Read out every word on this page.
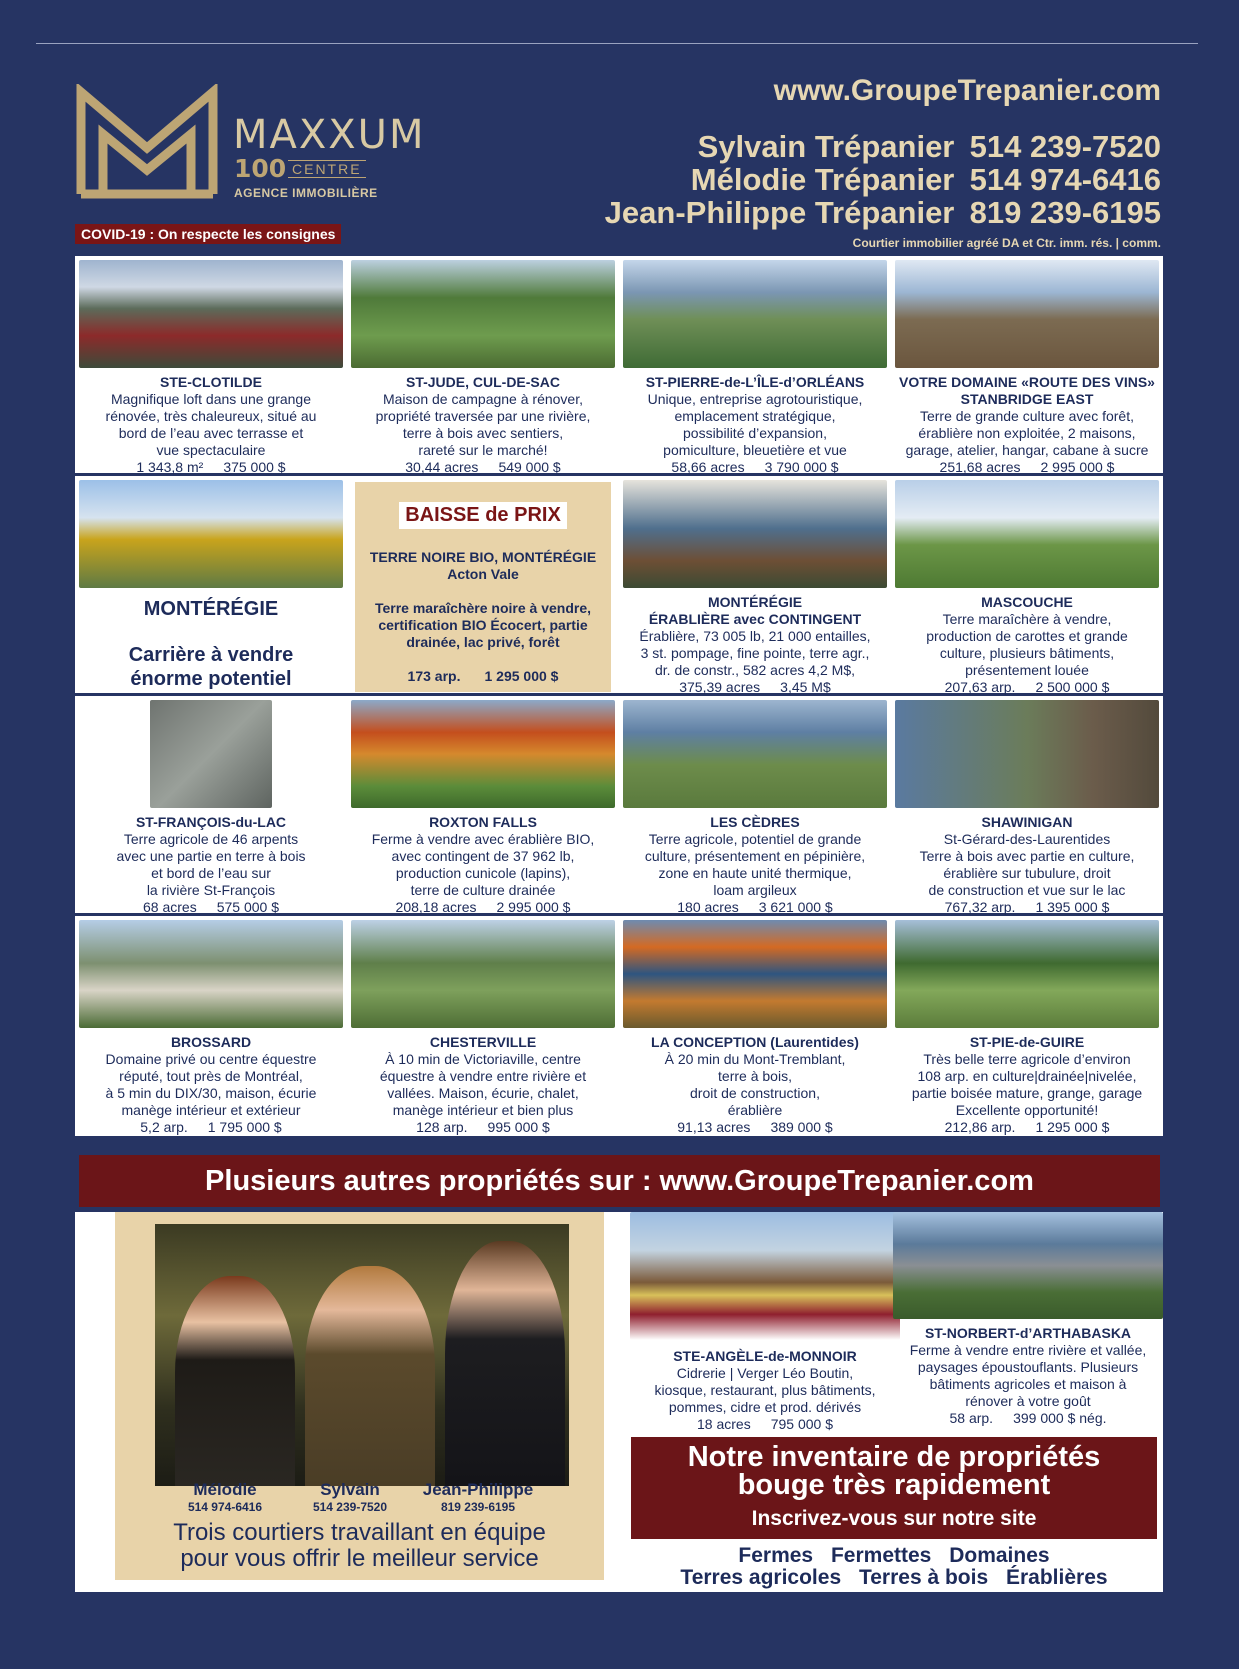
MAXXUM
100 CENTRE
AGENCE IMMOBILIÈRE
www.GroupeTrepanier.com
Sylvain Trépanier 514 239-7520
Mélodie Trépanier 514 974-6416
Jean-Philippe Trépanier 819 239-6195
COVID-19 : On respecte les consignes
Courtier immobilier agréé DA et Ctr. imm. rés. | comm.
STE-CLOTILDE
Magnifique loft dans une grange
rénovée, très chaleureux, situé au
bord de l’eau avec terrasse et
vue spectaculaire
1 343,8 m² 375 000 $
ST-JUDE, CUL-DE-SAC
Maison de campagne à rénover,
propriété traversée par une rivière,
terre à bois avec sentiers,
rareté sur le marché!
30,44 acres 549 000 $
ST-PIERRE-de-L’ÎLE-d’ORLÉANS
Unique, entreprise agrotouristique,
emplacement stratégique,
possibilité d’expansion,
pomiculture, bleuetière et vue
58,66 acres 3 790 000 $
VOTRE DOMAINE «ROUTE DES VINS»
STANBRIDGE EAST
Terre de grande culture avec forêt,
érablière non exploitée, 2 maisons,
garage, atelier, hangar, cabane à sucre
251,68 acres 2 995 000 $
MONTÉRÉGIE
Carrière à vendre
énorme potentiel
BAISSE de PRIX
TERRE NOIRE BIO, MONTÉRÉGIE
Acton Vale
Terre maraîchère noire à vendre,
certification BIO Écocert, partie
drainée, lac privé, forêt
173 arp. 1 295 000 $
MONTÉRÉGIE
ÉRABLIÈRE avec CONTINGENT
Érablière, 73 005 lb, 21 000 entailles,
3 st. pompage, fine pointe, terre agr.,
dr. de constr., 582 acres 4,2 M$,
375,39 acres 3,45 M$
MASCOUCHE
Terre maraîchère à vendre,
production de carottes et grande
culture, plusieurs bâtiments,
présentement louée
207,63 arp. 2 500 000 $
ST-FRANÇOIS-du-LAC
Terre agricole de 46 arpents
avec une partie en terre à bois
et bord de l’eau sur
la rivière St-François
68 acres 575 000 $
ROXTON FALLS
Ferme à vendre avec érablière BIO,
avec contingent de 37 962 lb,
production cunicole (lapins),
terre de culture drainée
208,18 acres 2 995 000 $
LES CÈDRES
Terre agricole, potentiel de grande
culture, présentement en pépinière,
zone en haute unité thermique,
loam argileux
180 acres 3 621 000 $
SHAWINIGAN
St-Gérard-des-Laurentides
Terre à bois avec partie en culture,
érablière sur tubulure, droit
de construction et vue sur le lac
767,32 arp. 1 395 000 $
BROSSARD
Domaine privé ou centre équestre
réputé, tout près de Montréal,
à 5 min du DIX/30, maison, écurie
manège intérieur et extérieur
5,2 arp. 1 795 000 $
CHESTERVILLE
À 10 min de Victoriaville, centre
équestre à vendre entre rivière et
vallées. Maison, écurie, chalet,
manège intérieur et bien plus
128 arp. 995 000 $
LA CONCEPTION (Laurentides)
À 20 min du Mont-Tremblant,
terre à bois,
droit de construction,
érablière
91,13 acres 389 000 $
ST-PIE-de-GUIRE
Très belle terre agricole d’environ
108 arp. en culture|drainée|nivelée,
partie boisée mature, grange, garage
Excellente opportunité!
212,86 arp. 1 295 000 $
Plusieurs autres propriétés sur : www.GroupeTrepanier.com
Mélodie
514 974-6416
Sylvain
514 239-7520
Jean-Philippe
819 239-6195
Trois courtiers travaillant en équipe
pour vous offrir le meilleur service
STE-ANGÈLE-de-MONNOIR
Cidrerie | Verger Léo Boutin,
kiosque, restaurant, plus bâtiments,
pommes, cidre et prod. dérivés
18 acres 795 000 $
ST-NORBERT-d’ARTHABASKA
Ferme à vendre entre rivière et vallée,
paysages époustouflants. Plusieurs
bâtiments agricoles et maison à
rénover à votre goût
58 arp. 399 000 $ nég.
Notre inventaire de propriétés
bouge très rapidement
Inscrivez-vous sur notre site
Fermes Fermettes Domaines
Terres agricoles Terres à bois Érablières
